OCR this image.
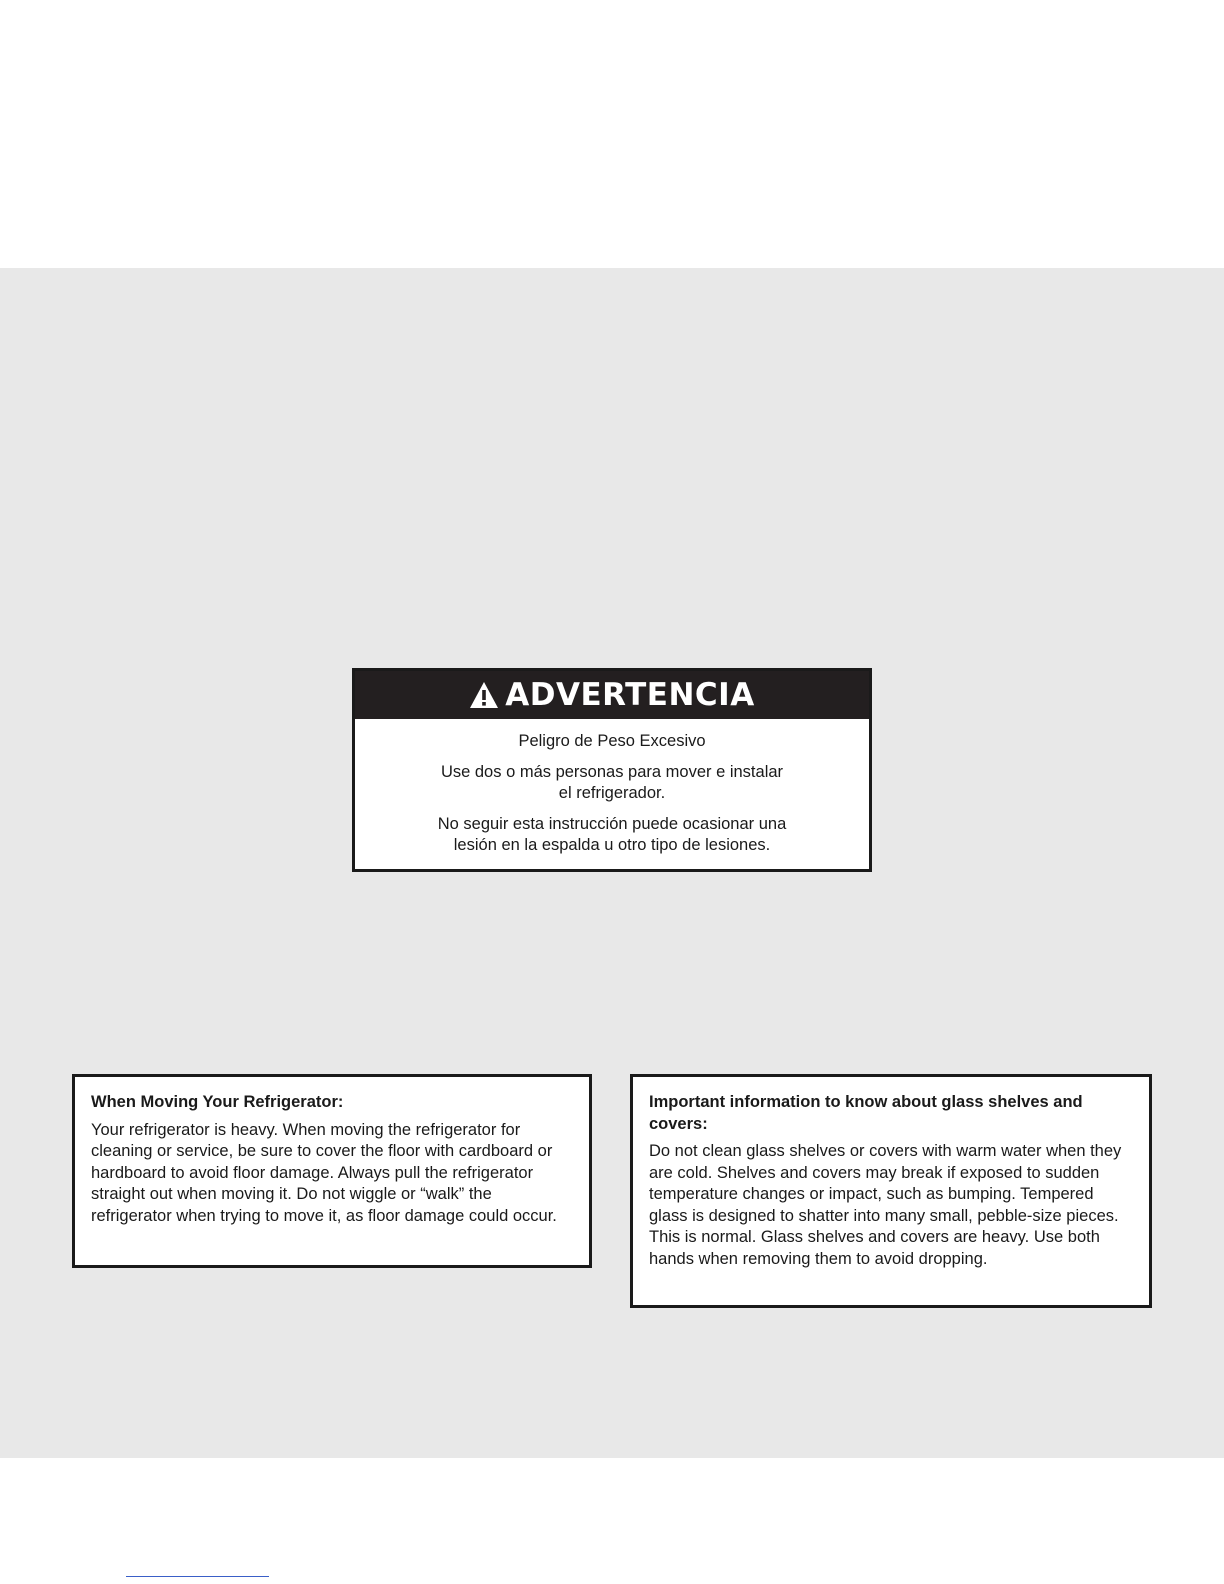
ADVERTENCIA

Peligro de Peso Excesivo

Use dos o más personas para mover e instalar
el refrigerador.

No seguir esta instrucción puede ocasionar una
lesión en la espalda u otro tipo de lesiones.

When Moving Your Refrigerator:

Your refrigerator is heavy. When moving the refrigerator for cleaning or service, be sure to cover the floor with cardboard or hardboard to avoid floor damage. Always pull the refrigerator straight out when moving it. Do not wiggle or “walk” the refrigerator when trying to move it, as floor damage could occur.

Important information to know about glass shelves and covers:

Do not clean glass shelves or covers with warm water when they are cold. Shelves and covers may break if exposed to sudden temperature changes or impact, such as bumping. Tempered glass is designed to shatter into many small, pebble-size pieces. This is normal. Glass shelves and covers are heavy. Use both hands when removing them to avoid dropping.
